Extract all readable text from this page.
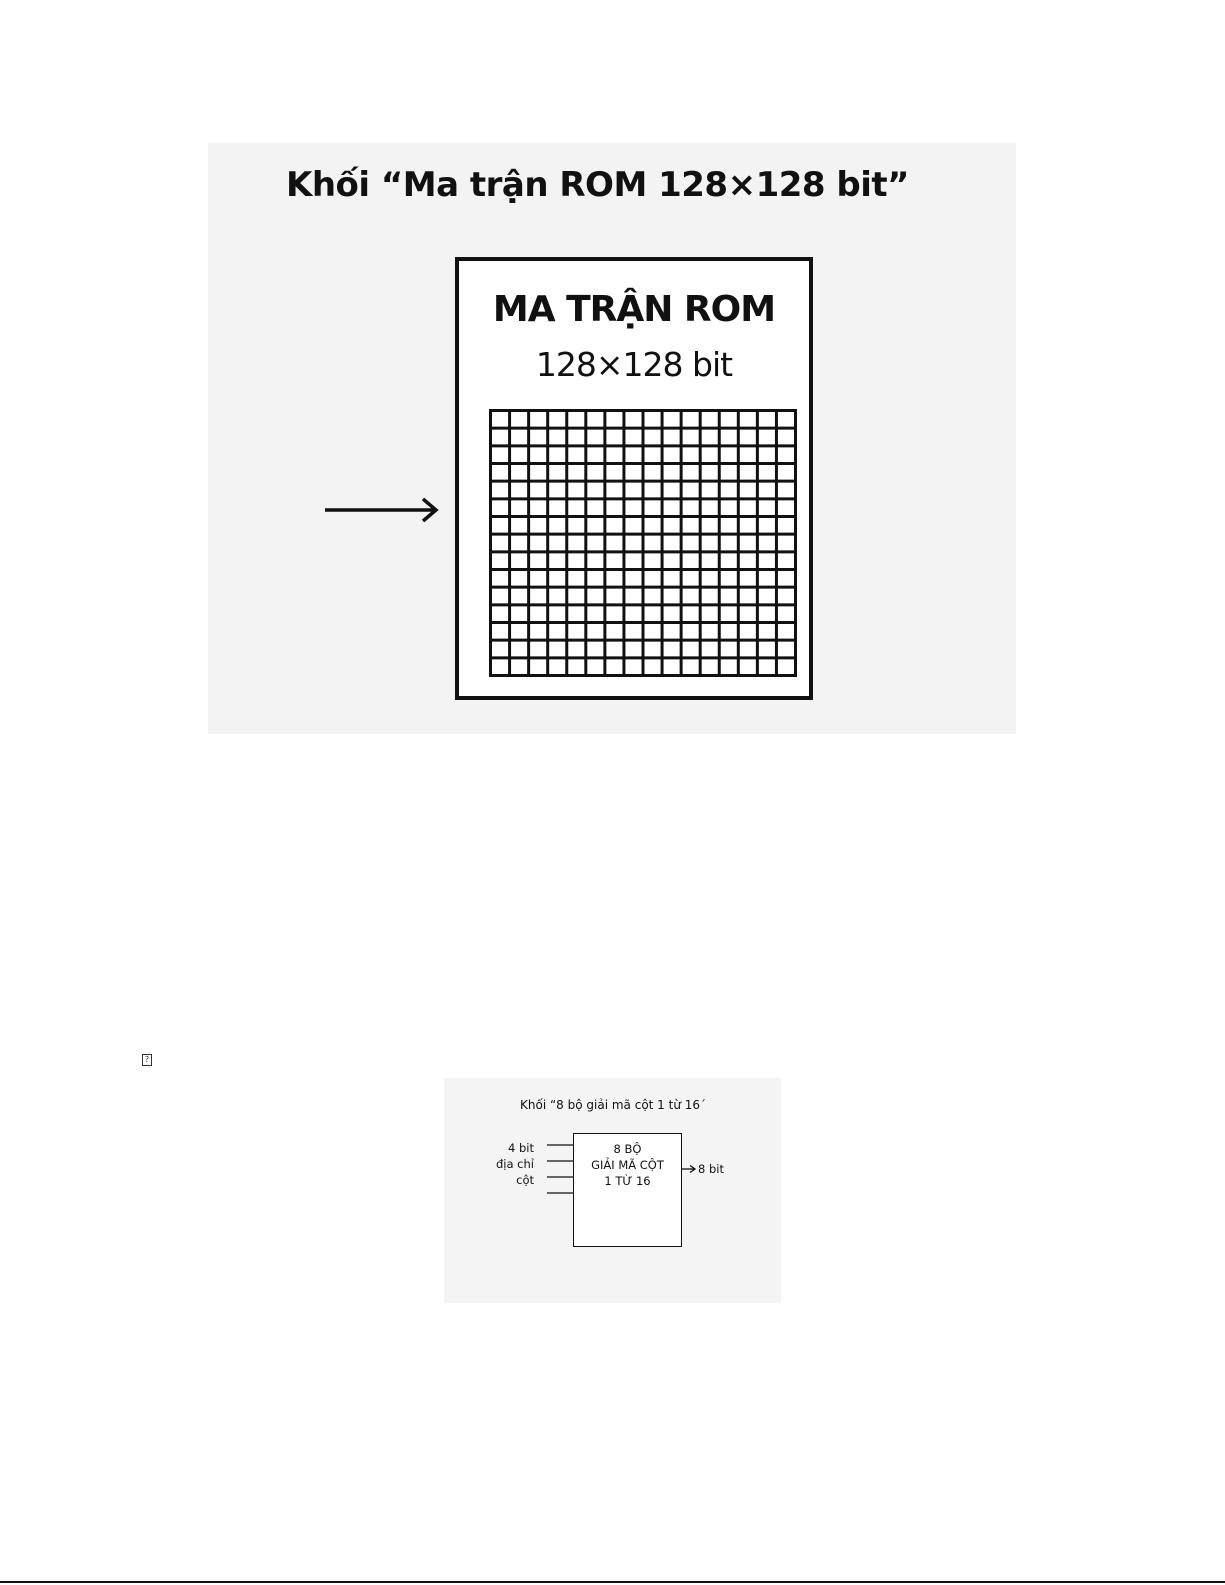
Khối “Ma trận ROM 128×128 bit”
MA TRẬN ROM
128×128 bit
?
Khối “8 bộ giải mã cột 1 từ 16´
4 bit
địa chỉ
cột
8 BỘ
GIẢI MÃ CỘT
1 TỪ 16
8 bit
